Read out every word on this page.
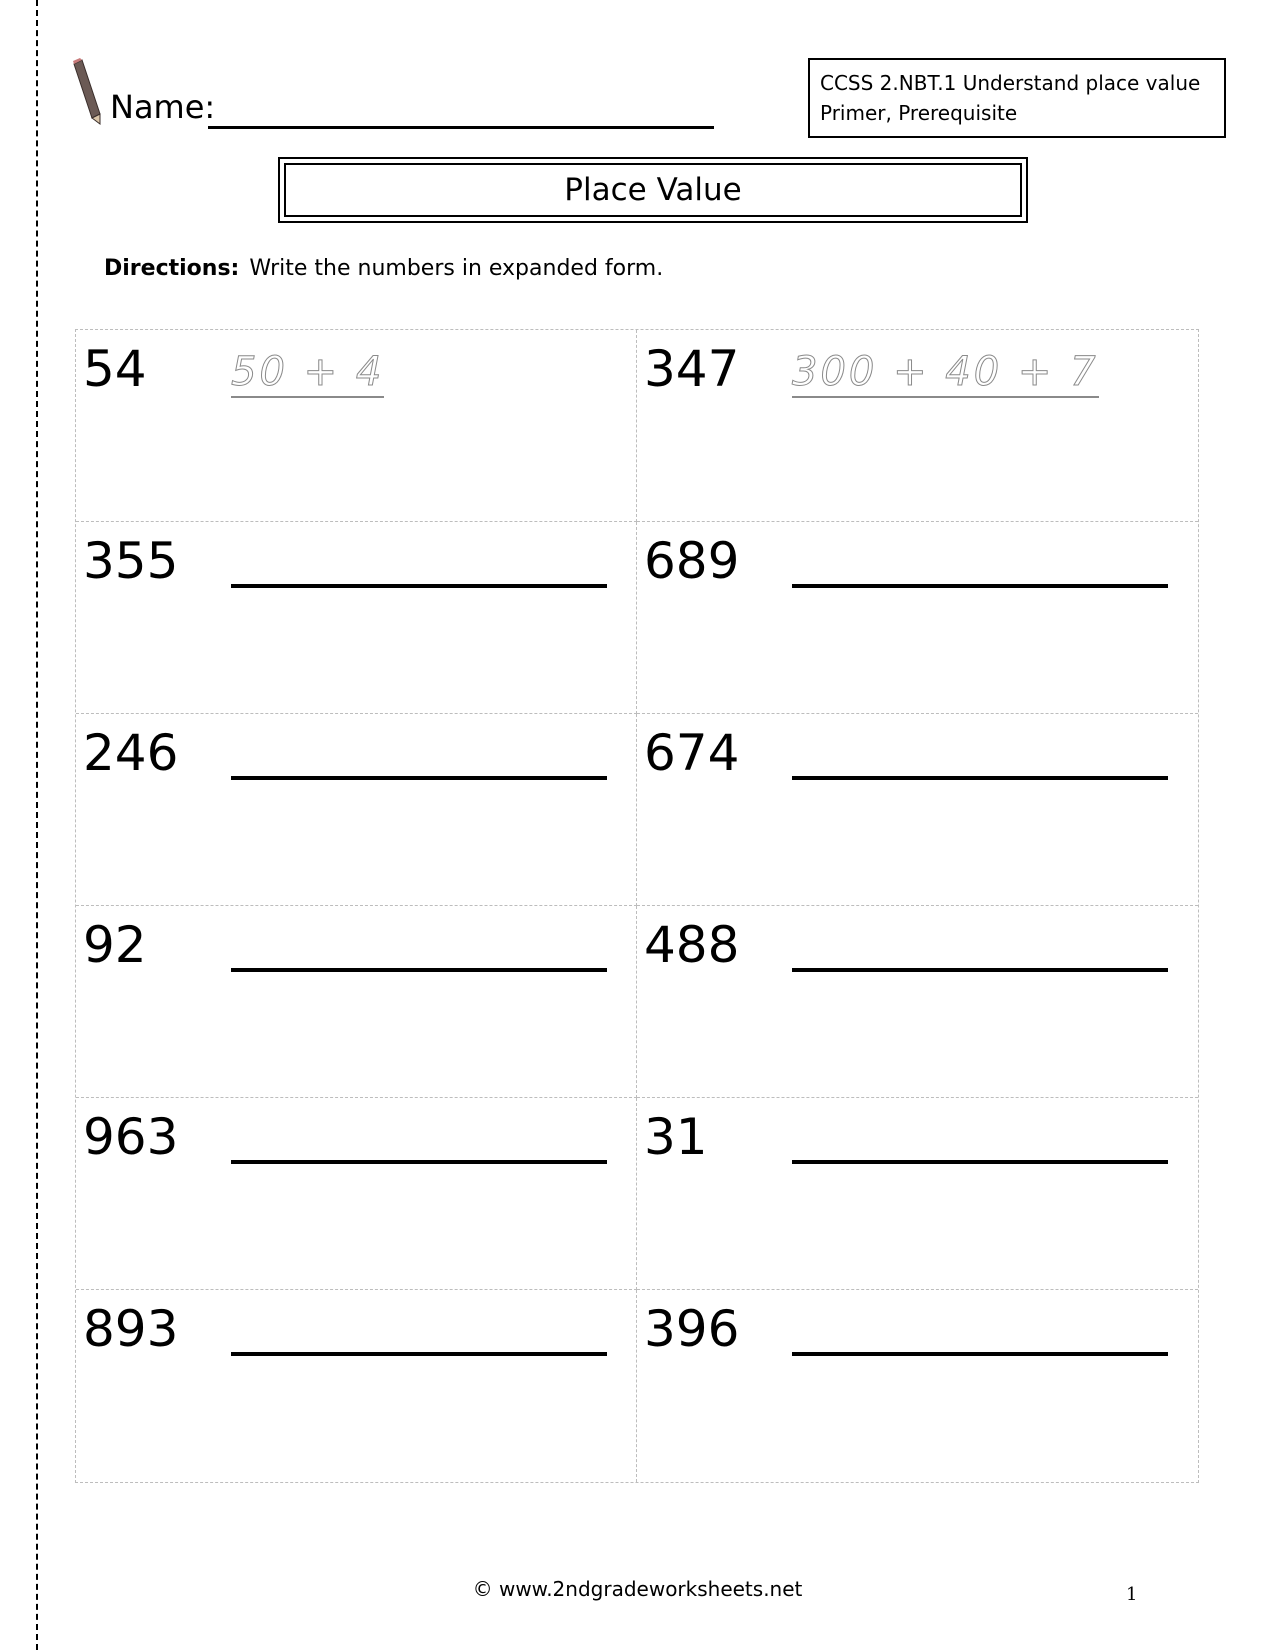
Name:
CCSS 2.NBT.1 Understand place value
Primer, Prerequisite
Place Value
Directions: Write the numbers in expanded form.
54 50 + 4	347 300 + 40 + 7
355	689
246	674
92	488
963	31
893	396
© www.2ndgradeworksheets.net	1
